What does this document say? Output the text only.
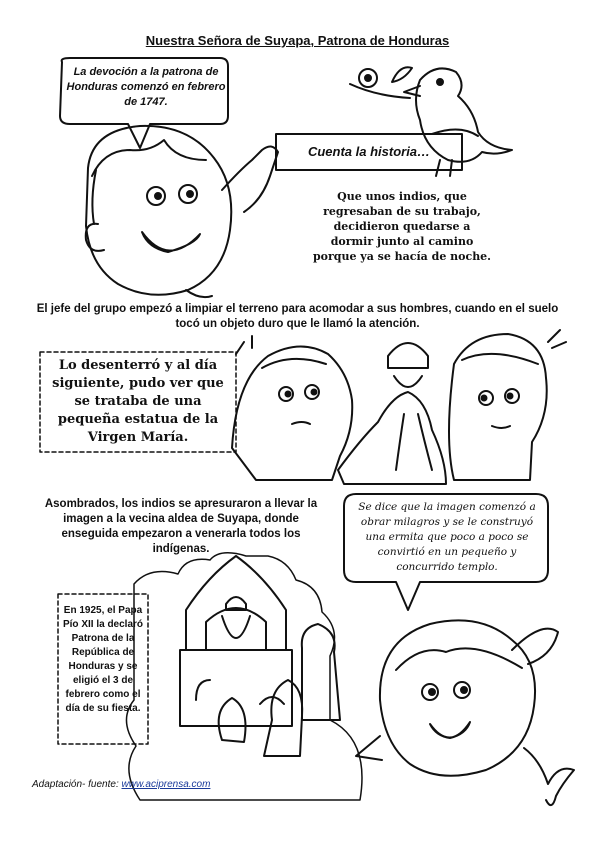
Nuestra Señora de Suyapa, Patrona de Honduras
La devoción a la patrona de Honduras comenzó en febrero de 1747.
Cuenta la historia…
Que unos indios, que regresaban de su trabajo, decidieron quedarse a dormir junto al camino porque ya se hacía de noche.
El jefe del grupo empezó a limpiar el terreno para acomodar a sus hombres, cuando en el suelo tocó un objeto duro que le llamó la atención.
Lo desenterró y al día siguiente, pudo ver que se trataba de una pequeña estatua de la Virgen María.
Asombrados, los indios se apresuraron a llevar la imagen a la vecina aldea de Suyapa, donde enseguida empezaron a venerarla todos los indígenas.
Se dice que la imagen comenzó a obrar milagros y se le construyó una ermita que poco a poco se convirtió en un pequeño y concurrido templo.
En 1925, el Papa Pío XII la declaró Patrona de la República de Honduras y se eligió el 3 de febrero como el día de su fiesta.
Adaptación- fuente: www.aciprensa.com
